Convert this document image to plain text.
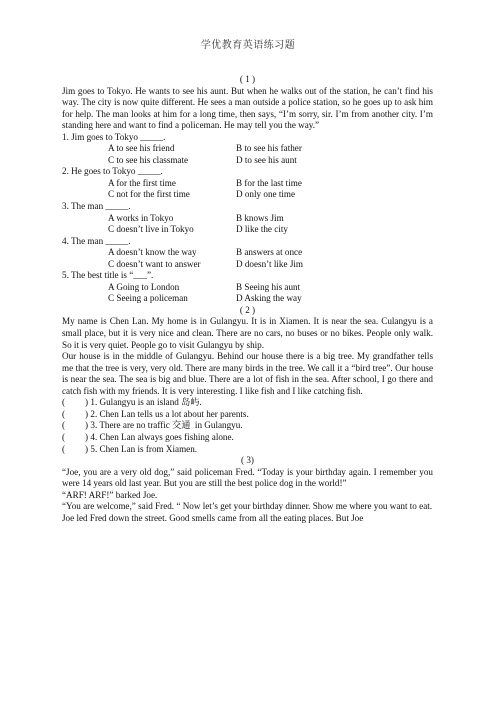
学优教育英语练习题

( 1 )

Jim goes to Tokyo. He wants to see his aunt. But when he walks out of the station, he can’t find his way. The city is now quite different. He sees a man outside a police station, so he goes up to ask him for help. The man looks at him for a long time, then says, “I’m sorry, sir. I’m from another city. I’m standing here and want to find a policeman. He may tell you the way.”

1. Jim goes to Tokyo _____.

A to see his friend	B to see his father

C to see his classmate	D to see his aunt

2. He goes to Tokyo _____.

A for the first time	B for the last time

C not for the first time	D only one time

3. The man _____.

A works in Tokyo	B knows Jim

C doesn’t live in Tokyo	D like the city

4. The man _____.

A doesn’t know the way	B answers at once

C doesn’t want to answer	D doesn’t like Jim

5. The best title is “___”.

A Going to London	B Seeing his aunt

C Seeing a policeman	D Asking the way

( 2 )

My name is Chen Lan. My home is in Gulangyu. It is in Xiamen. It is near the sea. Culangyu is a small place, but it is very nice and clean. There are no cars, no buses or no bikes. People only walk. So it is very quiet. People go to visit Gulangyu by ship.

Our house is in the middle of Gulangyu. Behind our house there is a big tree. My grandfather tells me that the tree is very, very old. There are many birds in the tree. We call it a “bird tree”. Our house is near the sea. The sea is big and blue. There are a lot of fish in the sea. After school, I go there and catch fish with my friends. It is very interesting. I like fish and I like catching fish.

( ) 1. Gulangyu is an island 岛屿.

( ) 2. Chen Lan tells us a lot about her parents.

( ) 3. There are no traffic 交通  in Gulangyu.

( ) 4. Chen Lan always goes fishing alone.

( ) 5. Chen Lan is from Xiamen.

( 3)

“Joe, you are a very old dog,” said policeman Fred. “Today is your birthday again. I remember you were 14 years old last year. But you are still the best police dog in the world!”

“ARF! ARF!” barked Joe.

“You are welcome,” said Fred. “ Now let’s get your birthday dinner. Show me where you want to eat.

Joe led Fred down the street. Good smells came from all the eating places. But Joe
